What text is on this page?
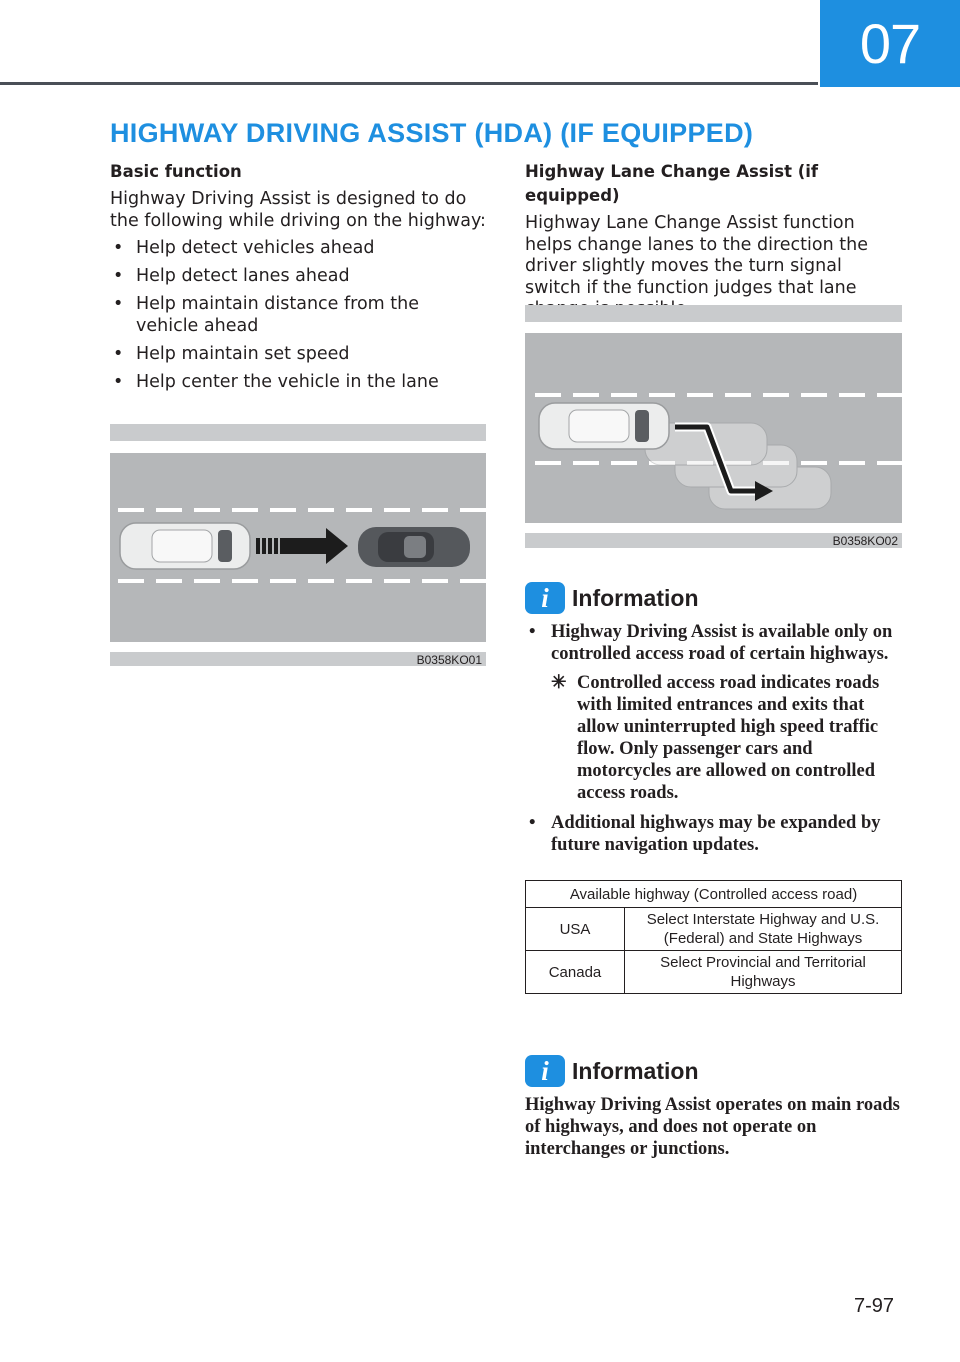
07
HIGHWAY DRIVING ASSIST (HDA) (IF EQUIPPED)
Basic function

Highway Driving Assist is designed to do the following while driving on the highway:

• Help detect vehicles ahead
• Help detect lanes ahead
• Help maintain distance from the vehicle ahead
• Help maintain set speed
• Help center the vehicle in the lane
B0358KO01
Highway Lane Change Assist (if equipped)

Highway Lane Change Assist function helps change lanes to the direction the driver slightly moves the turn signal switch if the function judges that lane

B0358KO02
i	Information
• Highway Driving Assist is available only on controlled access road of certain highways.
✳ Controlled access road indicates roads with limited entrances and exits that allow uninterrupted high speed traffic flow. Only passenger cars and motorcycles are allowed on controlled access roads.
• Additional highways may be expanded by future navigation updates.
Available highway (Controlled access road)	
USA	Select Interstate Highway and U.S. (Federal) and State Highways
Canada	Select Provincial and Territorial Highways
i	Information
Highway Driving Assist operates on main roads of highways, and does not operate on interchanges or junctions.
7-97
